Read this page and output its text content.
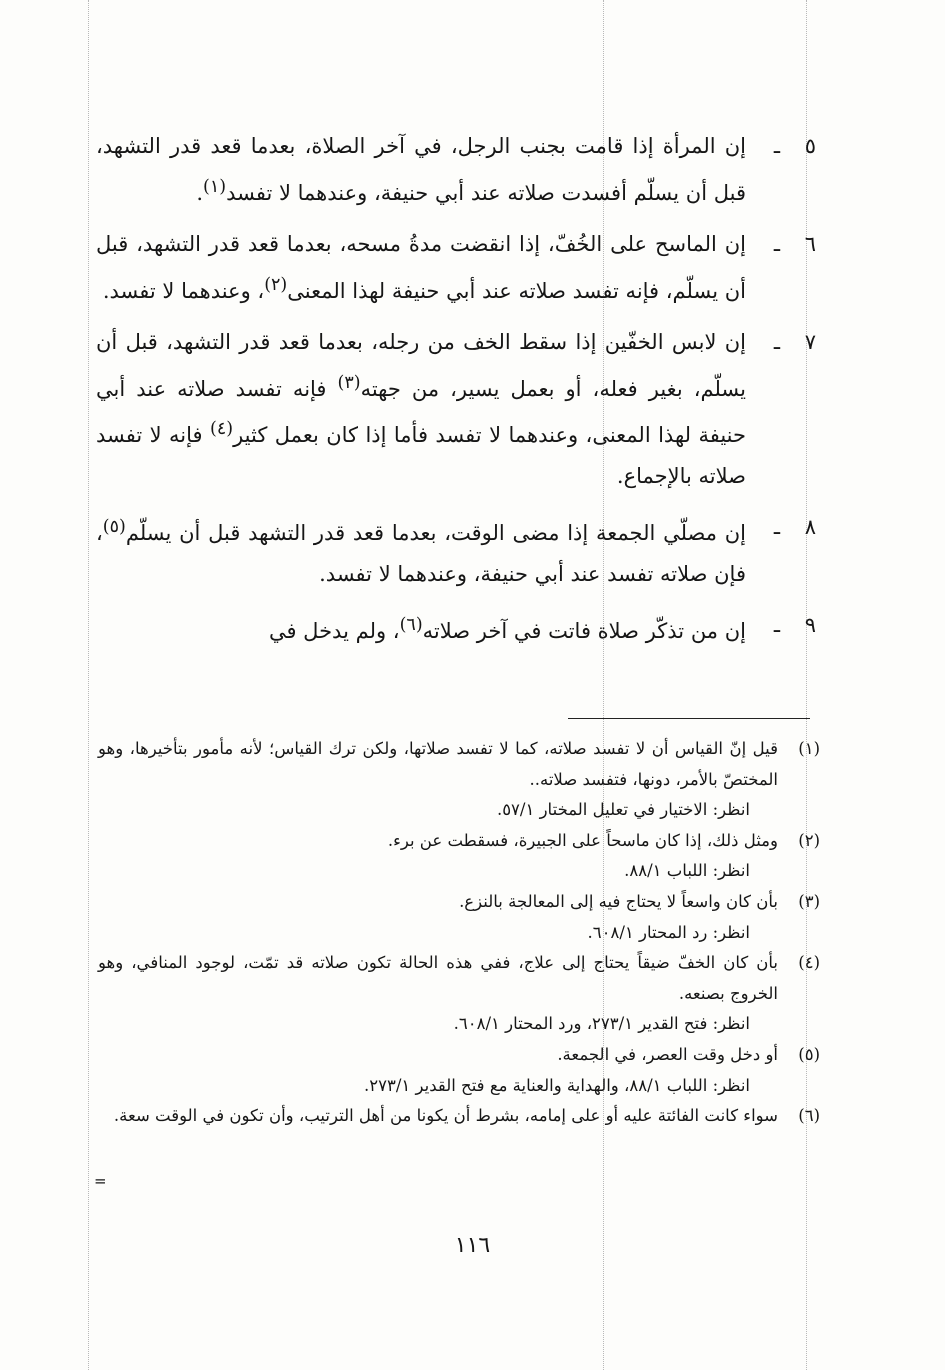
٥
ـ
إن المرأة إذا قامت بجنب الرجل، في آخر الصلاة، بعدما قعد قدر التشهد، قبل أن يسلّم أفسدت صلاته عند أبي حنيفة، وعندهما لا تفسد$^{(١)}$.
٦
ـ
إن الماسح على الخُفّ، إذا انقضت مدةُ مسحه، بعدما قعد قدر التشهد، قبل أن يسلّم، فإنه تفسد صلاته عند أبي حنيفة لهذا المعنى$^{(٢)}$، وعندهما لا تفسد.
٧
ـ
إن لابس الخفّين إذا سقط الخف من رجله، بعدما قعد قدر التشهد، قبل أن يسلّم، بغير فعله، أو بعمل يسير، من جهته$^{(٣)}$ فإنه تفسد صلاته عند أبي حنيفة لهذا المعنى، وعندهما لا تفسد فأما إذا كان بعمل كثير$^{(٤)}$ فإنه لا تفسد صلاته بالإجماع.
٨
ـ
إن مصلّي الجمعة إذا مضى الوقت، بعدما قعد قدر التشهد قبل أن يسلّم$^{(٥)}$، فإن صلاته تفسد عند أبي حنيفة، وعندهما لا تفسد.
٩
ـ
إن من تذكّر صلاة فاتت في آخر صلاته$^{(٦)}$، ولم يدخل في
(١)
قيل إنّ القياس أن لا تفسد صلاته، كما لا تفسد صلاتها، ولكن ترك القياس؛ لأنه مأمور بتأخيرها، وهو المختصّ بالأمر، دونها، فتفسد صلاته..
انظر: الاختيار في تعليل المختار ٥٧/١.
(٢)
ومثل ذلك، إذا كان ماسحاً على الجبيرة، فسقطت عن برء.
انظر: اللباب ٨٨/١.
(٣)
بأن كان واسعاً لا يحتاج فيه إلى المعالجة بالنزع.
انظر: رد المحتار ٦٠٨/١.
(٤)
بأن كان الخفّ ضيقاً يحتاج إلى علاج، ففي هذه الحالة تكون صلاته قد تمّت، لوجود المنافي، وهو الخروج بصنعه.
انظر: فتح القدير ٢٧٣/١، ورد المحتار ٦٠٨/١.
(٥)
أو دخل وقت العصر، في الجمعة.
انظر: اللباب ٨٨/١، والهداية والعناية مع فتح القدير ٢٧٣/١.
(٦)
سواء كانت الفائتة عليه أو على إمامه، بشرط أن يكونا من أهل الترتيب، وأن تكون في الوقت سعة.
=
١١٦
